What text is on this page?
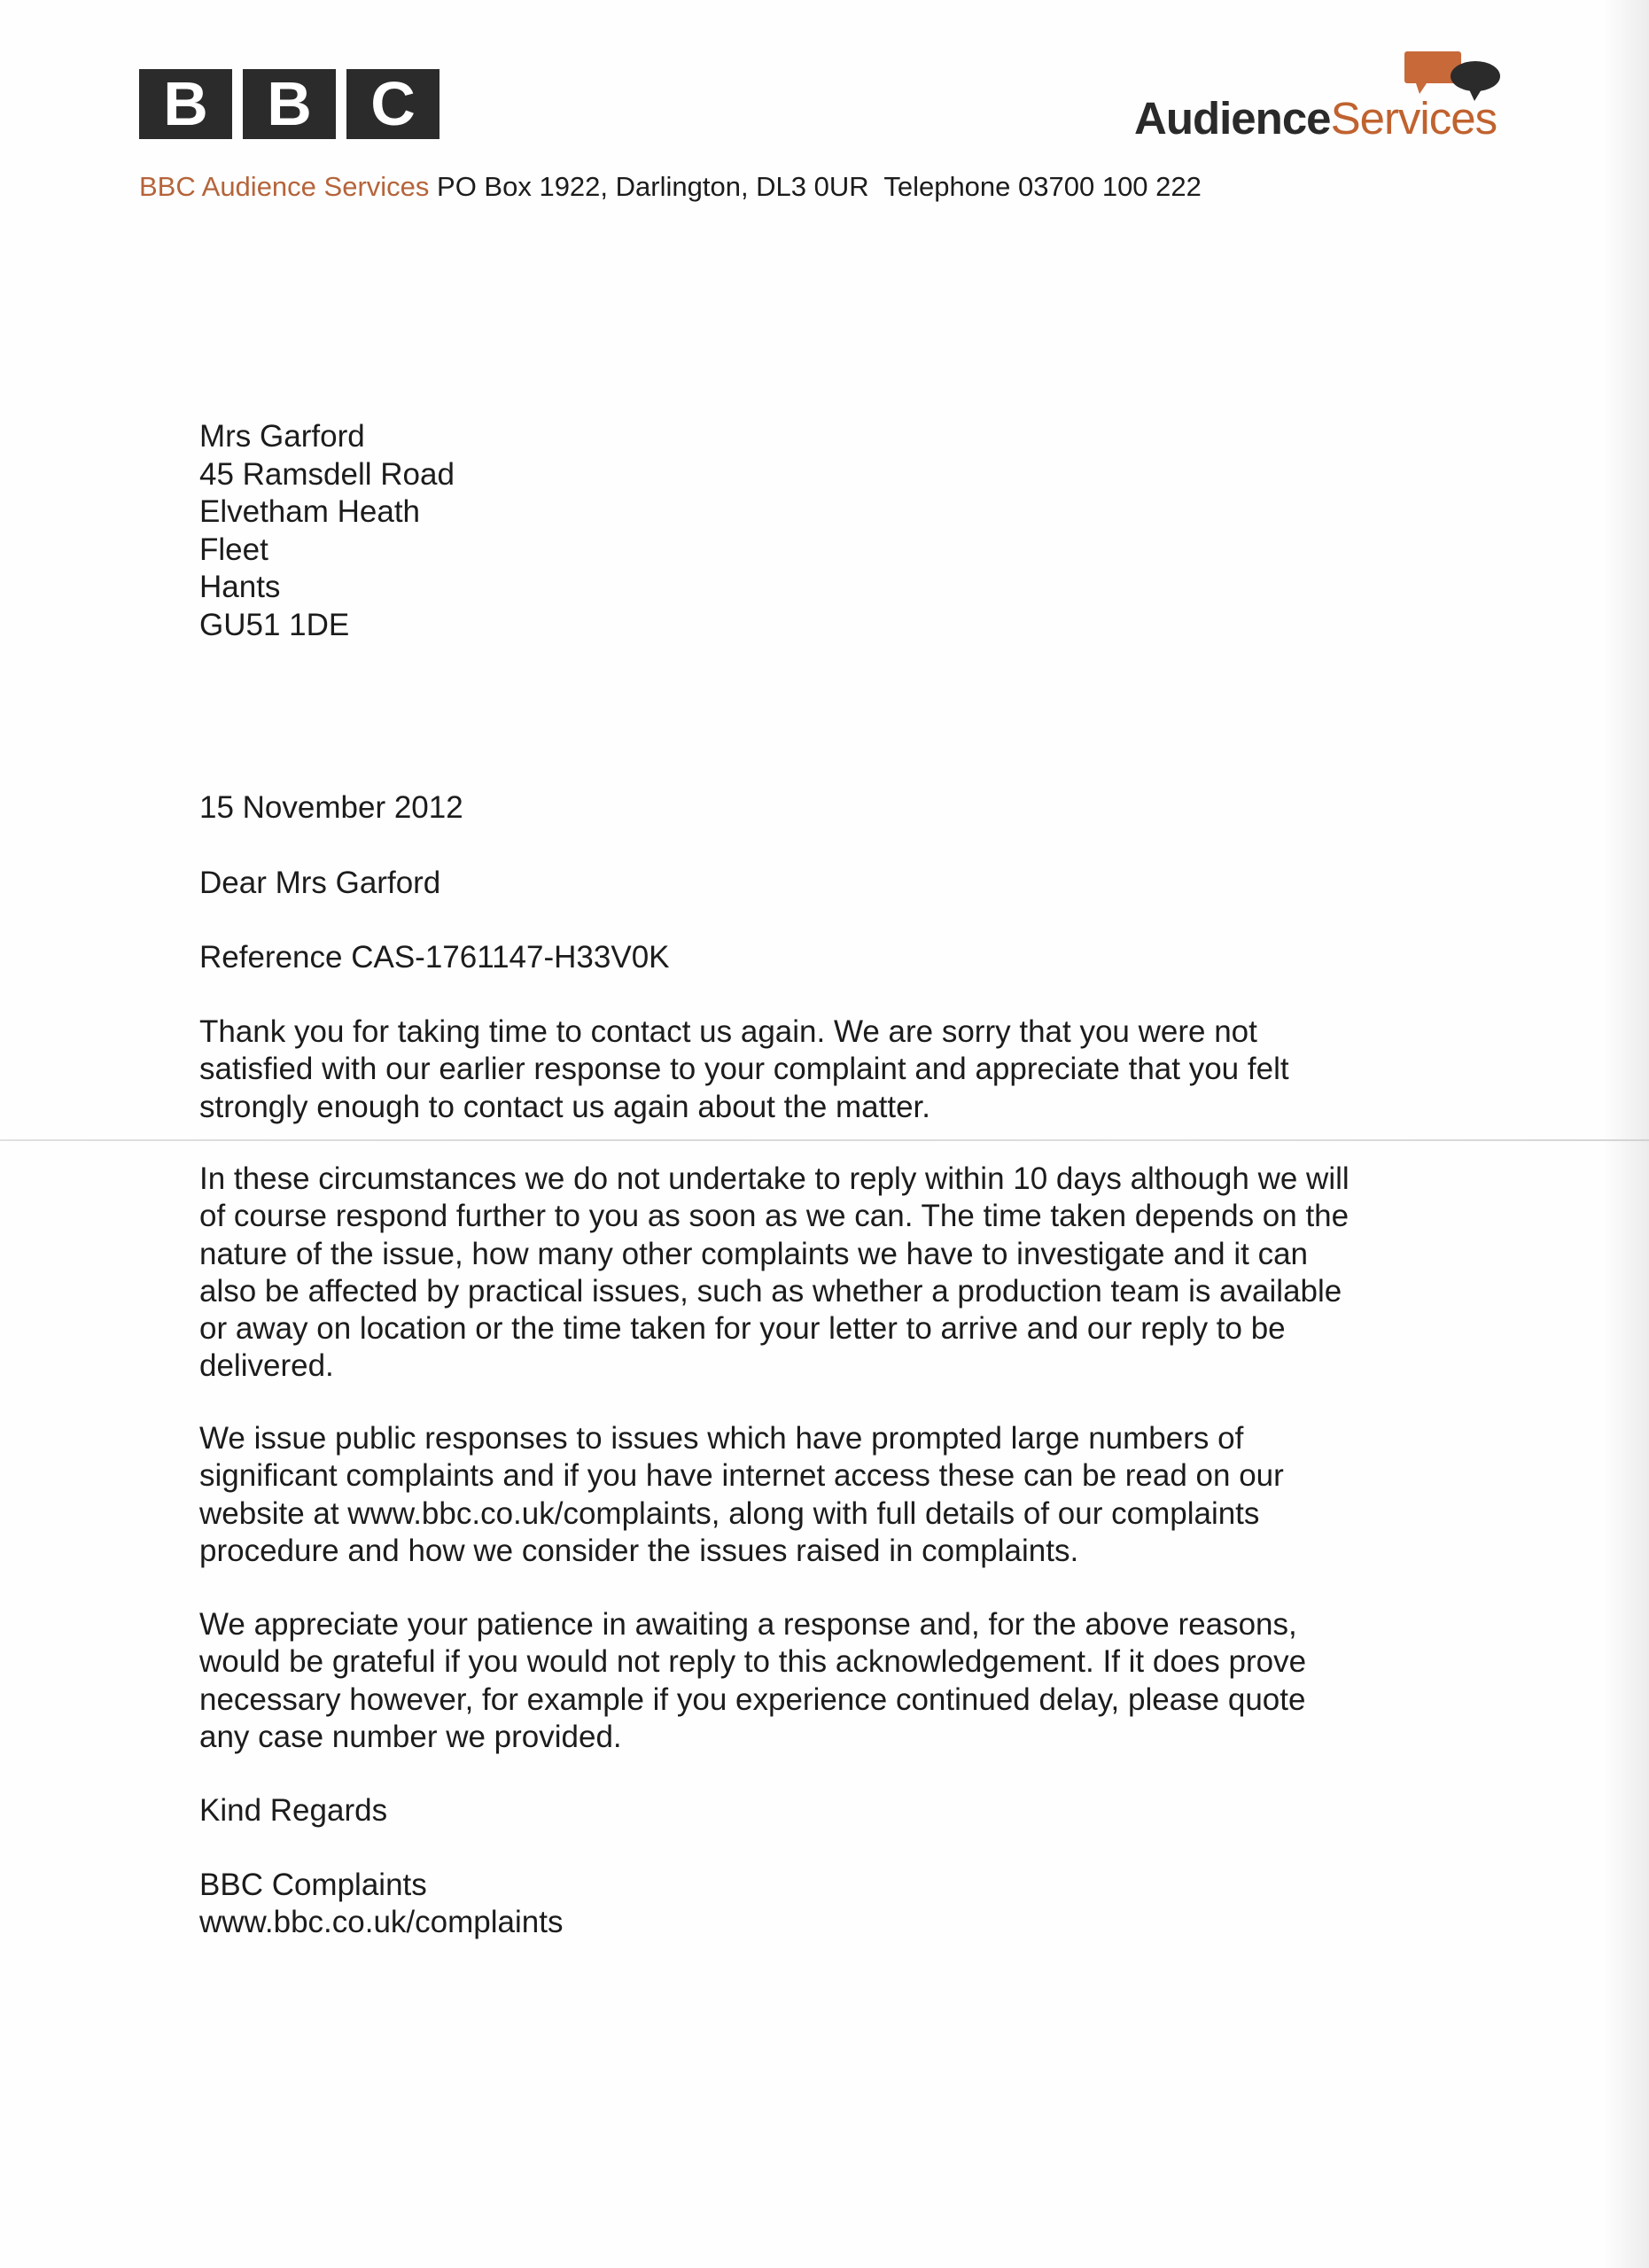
B B C	AudienceServices
BBC Audience Services PO Box 1922, Darlington, DL3 0UR  Telephone 03700 100 222
Mrs Garford
45 Ramsdell Road
Elvetham Heath
Fleet
Hants
GU51 1DE
15 November 2012
Dear Mrs Garford
Reference CAS-1761147-H33V0K
Thank you for taking time to contact us again. We are sorry that you were not
satisfied with our earlier response to your complaint and appreciate that you felt
strongly enough to contact us again about the matter.
In these circumstances we do not undertake to reply within 10 days although we will
of course respond further to you as soon as we can. The time taken depends on the
nature of the issue, how many other complaints we have to investigate and it can
also be affected by practical issues, such as whether a production team is available
or away on location or the time taken for your letter to arrive and our reply to be
delivered.
We issue public responses to issues which have prompted large numbers of
significant complaints and if you have internet access these can be read on our
website at www.bbc.co.uk/complaints, along with full details of our complaints
procedure and how we consider the issues raised in complaints.
We appreciate your patience in awaiting a response and, for the above reasons,
would be grateful if you would not reply to this acknowledgement. If it does prove
necessary however, for example if you experience continued delay, please quote
any case number we provided.
Kind Regards
BBC Complaints
www.bbc.co.uk/complaints
